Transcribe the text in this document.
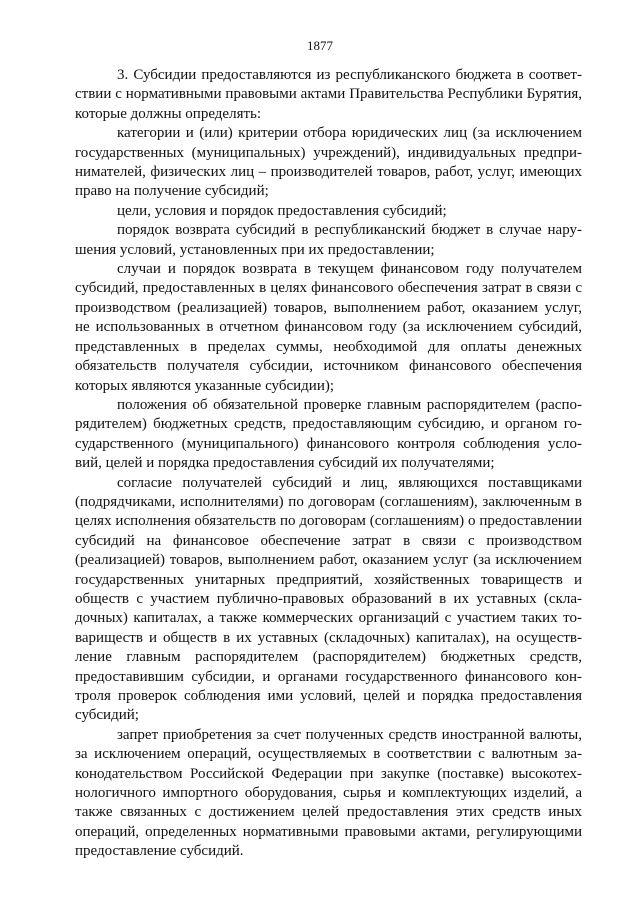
1877

3. Субсидии предоставляются из республиканского бюджета в соответствии с нормативными правовыми актами Правительства Республики Бурятия, которые должны определять:

категории и (или) критерии отбора юридических лиц (за исключением государственных (муниципальных) учреждений), индивидуальных предпринимателей, физических лиц – производителей товаров, работ, услуг, имеющих право на получение субсидий;

цели, условия и порядок предоставления субсидий;

порядок возврата субсидий в республиканский бюджет в случае нарушения условий, установленных при их предоставлении;

случаи и порядок возврата в текущем финансовом году получателем субсидий, предоставленных в целях финансового обеспечения затрат в связи с производством (реализацией) товаров, выполнением работ, оказанием услуг, не использованных в отчетном финансовом году (за исключением субсидий, представленных в пределах суммы, необходимой для оплаты денежных обязательств получателя субсидии, источником финансового обеспечения которых являются указанные субсидии);

положения об обязательной проверке главным распорядителем (распорядителем) бюджетных средств, предоставляющим субсидию, и органом государственного (муниципального) финансового контроля соблюдения условий, целей и порядка предоставления субсидий их получателями;

согласие получателей субсидий и лиц, являющихся поставщиками (подрядчиками, исполнителями) по договорам (соглашениям), заключенным в целях исполнения обязательств по договорам (соглашениям) о предоставлении субсидий на финансовое обеспечение затрат в связи с производством (реализацией) товаров, выполнением работ, оказанием услуг (за исключением государственных унитарных предприятий, хозяйственных товариществ и обществ с участием публично-правовых образований в их уставных (складочных) капиталах, а также коммерческих организаций с участием таких товариществ и обществ в их уставных (складочных) капиталах), на осуществление главным распорядителем (распорядителем) бюджетных средств, предоставившим субсидии, и органами государственного финансового контроля проверок соблюдения ими условий, целей и порядка предоставления субсидий;

запрет приобретения за счет полученных средств иностранной валюты, за исключением операций, осуществляемых в соответствии с валютным законодательством Российской Федерации при закупке (поставке) высокотехнологичного импортного оборудования, сырья и комплектующих изделий, а также связанных с достижением целей предоставления этих средств иных операций, определенных нормативными правовыми актами, регулирующими предоставление субсидий.
